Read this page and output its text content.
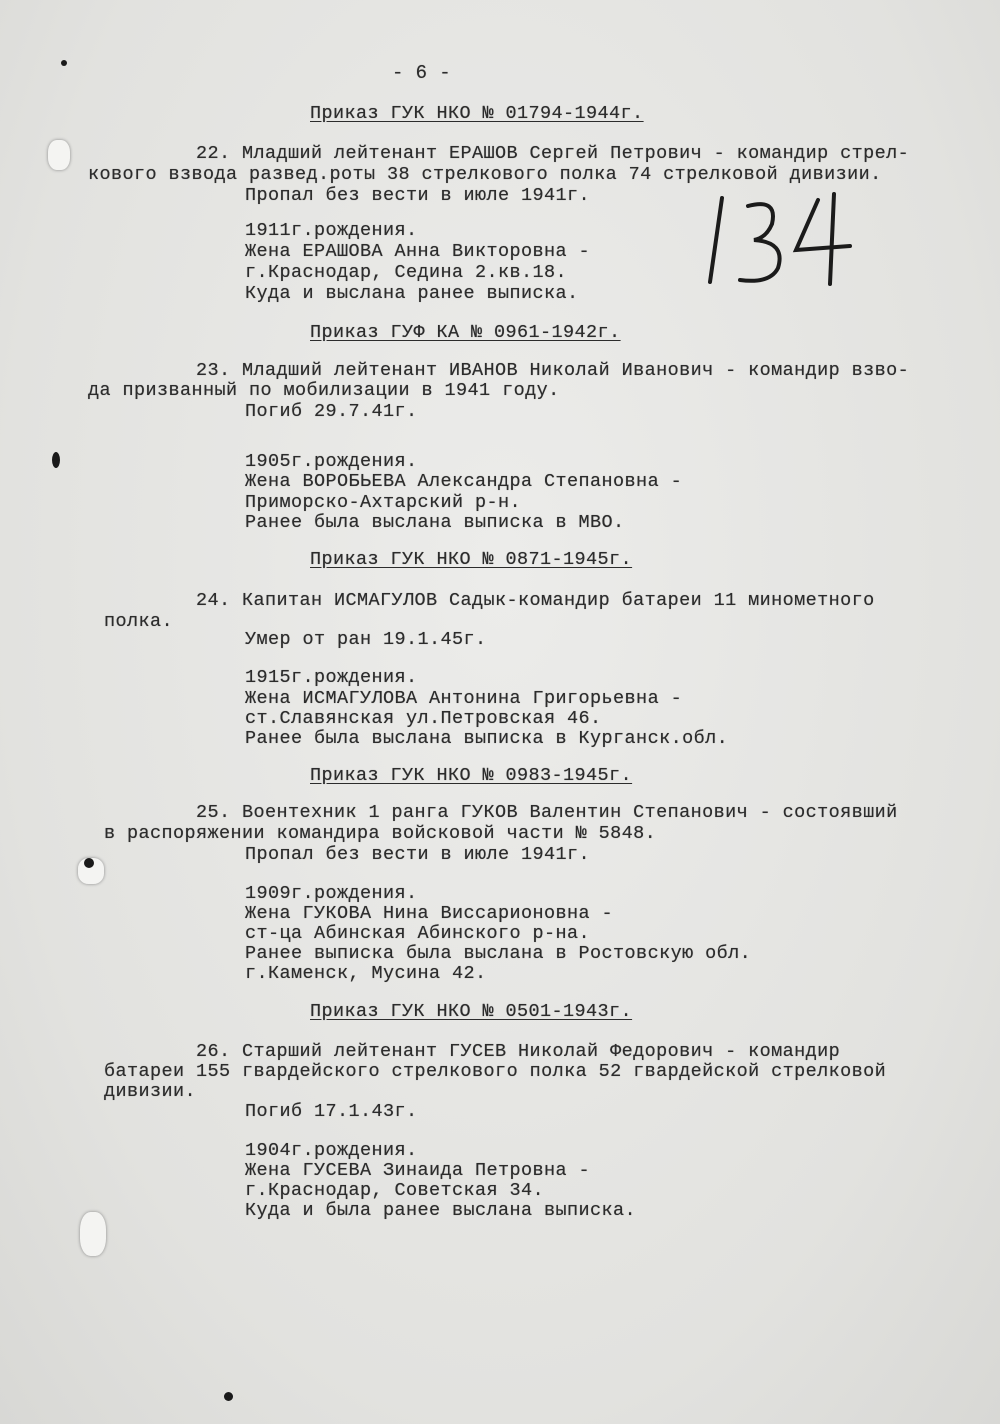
- 6 -
Приказ ГУК НКО № 01794-1944г.
22. Младший лейтенант ЕРАШОВ Сергей Петрович - командир стрел-
кового взвода развед.роты 38 стрелкового полка 74 стрелковой дивизии.
Пропал без вести в июле 1941г.
1911г.рождения.
Жена ЕРАШОВА Анна Викторовна -
г.Краснодар, Седина 2.кв.18.
Куда и выслана ранее выписка.
Приказ ГУФ КА № 0961-1942г.
23. Младший лейтенант ИВАНОВ Николай Иванович - командир взво-
да призванный по мобилизации в 1941 году.
Погиб 29.7.41г.
1905г.рождения.
Жена ВОРОБЬЕВА Александра Степановна -
Приморско-Ахтарский р-н.
Ранее была выслана выписка в МВО.
Приказ ГУК НКО № 0871-1945г.
24. Капитан ИСМАГУЛОВ Садык-командир батареи 11 минометного
полка.
Умер от ран 19.1.45г.
1915г.рождения.
Жена ИСМАГУЛОВА Антонина Григорьевна -
ст.Славянская ул.Петровская 46.
Ранее была выслана выписка в Курганск.обл.
Приказ ГУК НКО № 0983-1945г.
25. Воентехник 1 ранга ГУКОВ Валентин Степанович - состоявший
в распоряжении командира войсковой части № 5848.
Пропал без вести в июле 1941г.
1909г.рождения.
Жена ГУКОВА Нина Виссарионовна -
ст-ца Абинская Абинского р-на.
Ранее выписка была выслана в Ростовскую обл.
г.Каменск, Мусина 42.
Приказ ГУК НКО № 0501-1943г.
26. Старший лейтенант ГУСЕВ Николай Федорович - командир
батареи 155 гвардейского стрелкового полка 52 гвардейской стрелковой
дивизии.
Погиб 17.1.43г.
1904г.рождения.
Жена ГУСЕВА Зинаида Петровна -
г.Краснодар, Советская 34.
Куда и была ранее выслана выписка.
